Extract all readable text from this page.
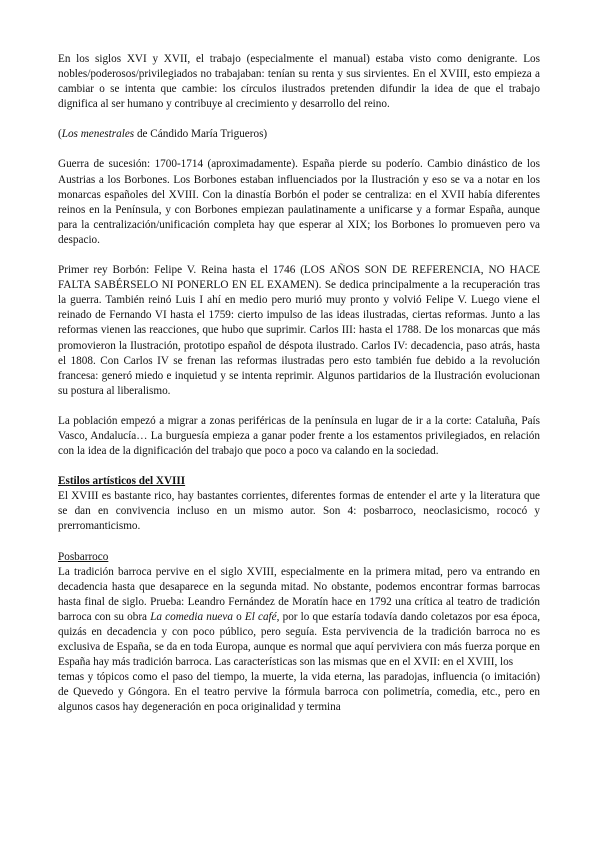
En los siglos XVI y XVII, el trabajo (especialmente el manual) estaba visto como denigrante. Los nobles/poderosos/privilegiados no trabajaban: tenían su renta y sus sirvientes. En el XVIII, esto empieza a cambiar o se intenta que cambie: los círculos ilustrados pretenden difundir la idea de que el trabajo dignifica al ser humano y contribuye al crecimiento y desarrollo del reino.

(Los menestrales de Cándido María Trigueros)

Guerra de sucesión: 1700-1714 (aproximadamente). España pierde su poderío. Cambio dinástico de los Austrias a los Borbones. Los Borbones estaban influenciados por la Ilustración y eso se va a notar en los monarcas españoles del XVIII. Con la dinastía Borbón el poder se centraliza: en el XVII había diferentes reinos en la Península, y con Borbones empiezan paulatinamente a unificarse y a formar España, aunque para la centralización/unificación completa hay que esperar al XIX; los Borbones lo promueven pero va despacio.

Primer rey Borbón: Felipe V. Reina hasta el 1746 (LOS AÑOS SON DE REFERENCIA, NO HACE FALTA SABÉRSELO NI PONERLO EN EL EXAMEN). Se dedica principalmente a la recuperación tras la guerra. También reinó Luis I ahí en medio pero murió muy pronto y volvió Felipe V. Luego viene el reinado de Fernando VI hasta el 1759: cierto impulso de las ideas ilustradas, ciertas reformas. Junto a las reformas vienen las reacciones, que hubo que suprimir. Carlos III: hasta el 1788. De los monarcas que más promovieron la Ilustración, prototipo español de déspota ilustrado. Carlos IV: decadencia, paso atrás, hasta el 1808. Con Carlos IV se frenan las reformas ilustradas pero esto también fue debido a la revolución francesa: generó miedo e inquietud y se intenta reprimir. Algunos partidarios de la Ilustración evolucionan su postura al liberalismo.

La población empezó a migrar a zonas periféricas de la península en lugar de ir a la corte: Cataluña, País Vasco, Andalucía… La burguesía empieza a ganar poder frente a los estamentos privilegiados, en relación con la idea de la dignificación del trabajo que poco a poco va calando en la sociedad.

Estilos artísticos del XVIII

El XVIII es bastante rico, hay bastantes corrientes, diferentes formas de entender el arte y la literatura que se dan en convivencia incluso en un mismo autor. Son 4: posbarroco, neoclasicismo, rococó y prerromanticismo.

Posbarroco

La tradición barroca pervive en el siglo XVIII, especialmente en la primera mitad, pero va entrando en decadencia hasta que desaparece en la segunda mitad. No obstante, podemos encontrar formas barrocas hasta final de siglo. Prueba: Leandro Fernández de Moratín hace en 1792 una crítica al teatro de tradición barroca con su obra La comedia nueva o El café, por lo que estaría todavía dando coletazos por esa época, quizás en decadencia y con poco público, pero seguía. Esta pervivencia de la tradición barroca no es exclusiva de España, se da en toda Europa, aunque es normal que aquí perviviera con más fuerza porque en España hay más tradición barroca. Las características son las mismas que en el XVII: en el XVIII, los

temas y tópicos como el paso del tiempo, la muerte, la vida eterna, las paradojas, influencia (o imitación) de Quevedo y Góngora. En el teatro pervive la fórmula barroca con polimetría, comedia, etc., pero en algunos casos hay degeneración en poca originalidad y termina
